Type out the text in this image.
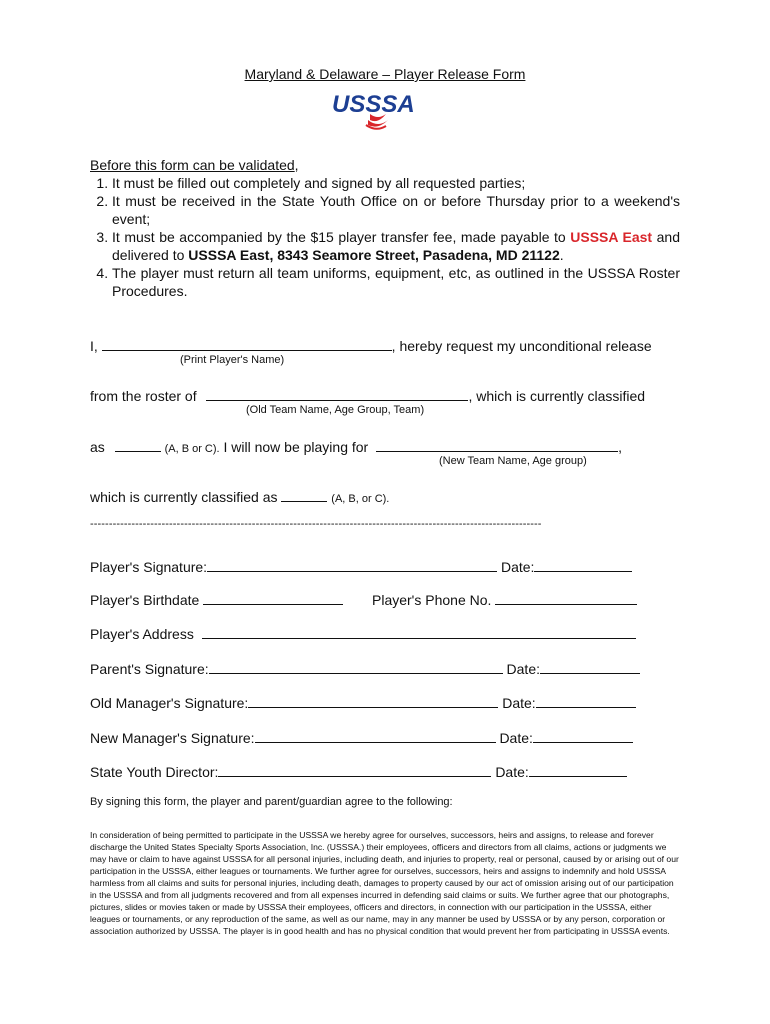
Maryland & Delaware – Player Release Form
USSSA
Before this form can be validated,
1. It must be filled out completely and signed by all requested parties;
2. It must be received in the State Youth Office on or before Thursday prior to a weekend's event;
3. It must be accompanied by the $15 player transfer fee, made payable to USSSA East and delivered to USSSA East, 8343 Seamore Street, Pasadena, MD 21122.
4. The player must return all team uniforms, equipment, etc, as outlined in the USSSA Roster Procedures.
I,	, hereby request my unconditional release
(Print Player's Name)
from the roster of	, which is currently classified
(Old Team Name, Age Group, Team)
as	(A, B or C). I will now be playing for	,
(New Team Name, Age group)
which is currently classified as	(A, B, or C).
------------------------------------------------------------------------------------------------------------------------
Player's Signature:	Date:
Player's Birthdate	Player's Phone No.
Player's Address
Parent's Signature:	Date:
Old Manager's Signature:	Date:
New Manager's Signature:	Date:
State Youth Director:	Date:
By signing this form, the player and parent/guardian agree to the following:
In consideration of being permitted to participate in the USSSA we hereby agree for ourselves, successors, heirs and assigns, to release and forever discharge the United States Specialty Sports Association, Inc. (USSSA.) their employees, officers and directors from all claims, actions or judgments we may have or claim to have against USSSA for all personal injuries, including death, and injuries to property, real or personal, caused by or arising out of our participation in the USSSA, either leagues or tournaments. We further agree for ourselves, successors, heirs and assigns to indemnify and hold USSSA harmless from all claims and suits for personal injuries, including death, damages to property caused by our act of omission arising out of our participation in the USSSA and from all judgments recovered and from all expenses incurred in defending said claims or suits. We further agree that our photographs, pictures, slides or movies taken or made by USSSA their employees, officers and directors, in connection with our participation in the USSSA, either leagues or tournaments, or any reproduction of the same, as well as our name, may in any manner be used by USSSA or by any person, corporation or association authorized by USSSA. The player is in good health and has no physical condition that would prevent her from participating in USSSA events.
